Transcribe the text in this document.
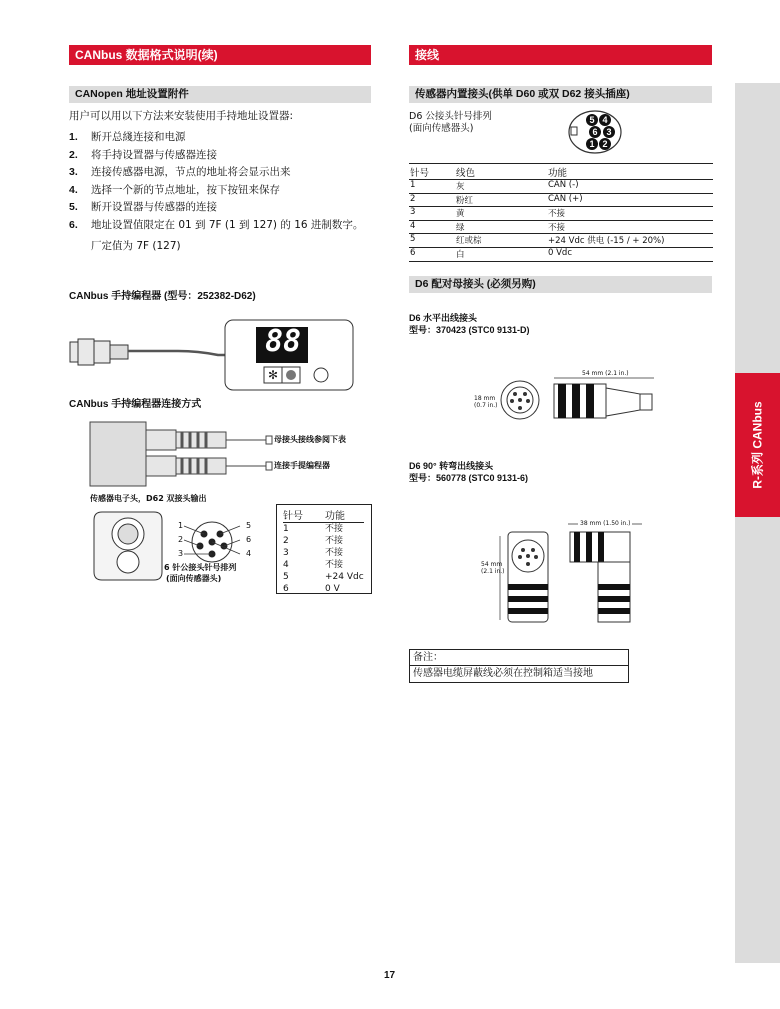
CANbus 数据格式说明(续)
CANopen 地址设置附件
用户可以用以下方法来安装使用手持地址设置器:
1.	断开总綫连接和电源
2.	将手持设置器与传感器连接
3.	连接传感器电源，节点的地址将会显示出来
4.	选择一个新的节点地址，按下按钮来保存
5.	断开设置器与传感器的连接
6.	地址设置值限定在 01 到 7F (1 到 127) 的 16 进制数字。
厂定值为 7F (127)
CANbus 手持编程器 (型号：252382-D62)
✻
88
CANbus 手持编程器连接方式
母接头接线参阅下表
连接手提编程器
传感器电子头，D62 双接头输出
1
2
3
5
6
4
6 针公接头针号排列
(面向传感器头)
针号	功能
1	不接
2	不接
3	不接
4	不接
5	+24 Vdc
6	0 V
接线
传感器内置接头(供单 D60 或双 D62 接头插座)
D6 公接头针号排列
(面向传感器头)
5 4
6 3
1 2
针号	线色	功能
1	灰	CAN (-)
2	粉红	CAN (+)
3	黄	不接
4	绿	不接
5	红或棕	+24 Vdc 供电 (-15 / + 20%)
6	白	0 Vdc
D6 配对母接头 (必须另购)
D6 水平出线接头
型号：370423 (STC0 9131-D)
54 mm (2.1 in.)
18 mm
(0.7 in.)
D6 90° 转弯出线接头
型号：560778 (STC0 9131-6)
38 mm (1.50 in.)
54 mm
(2.1 in.)
备注：
传感器电缆屏蔽线必须在控制箱适当接地
R-系列 CANbus
17
